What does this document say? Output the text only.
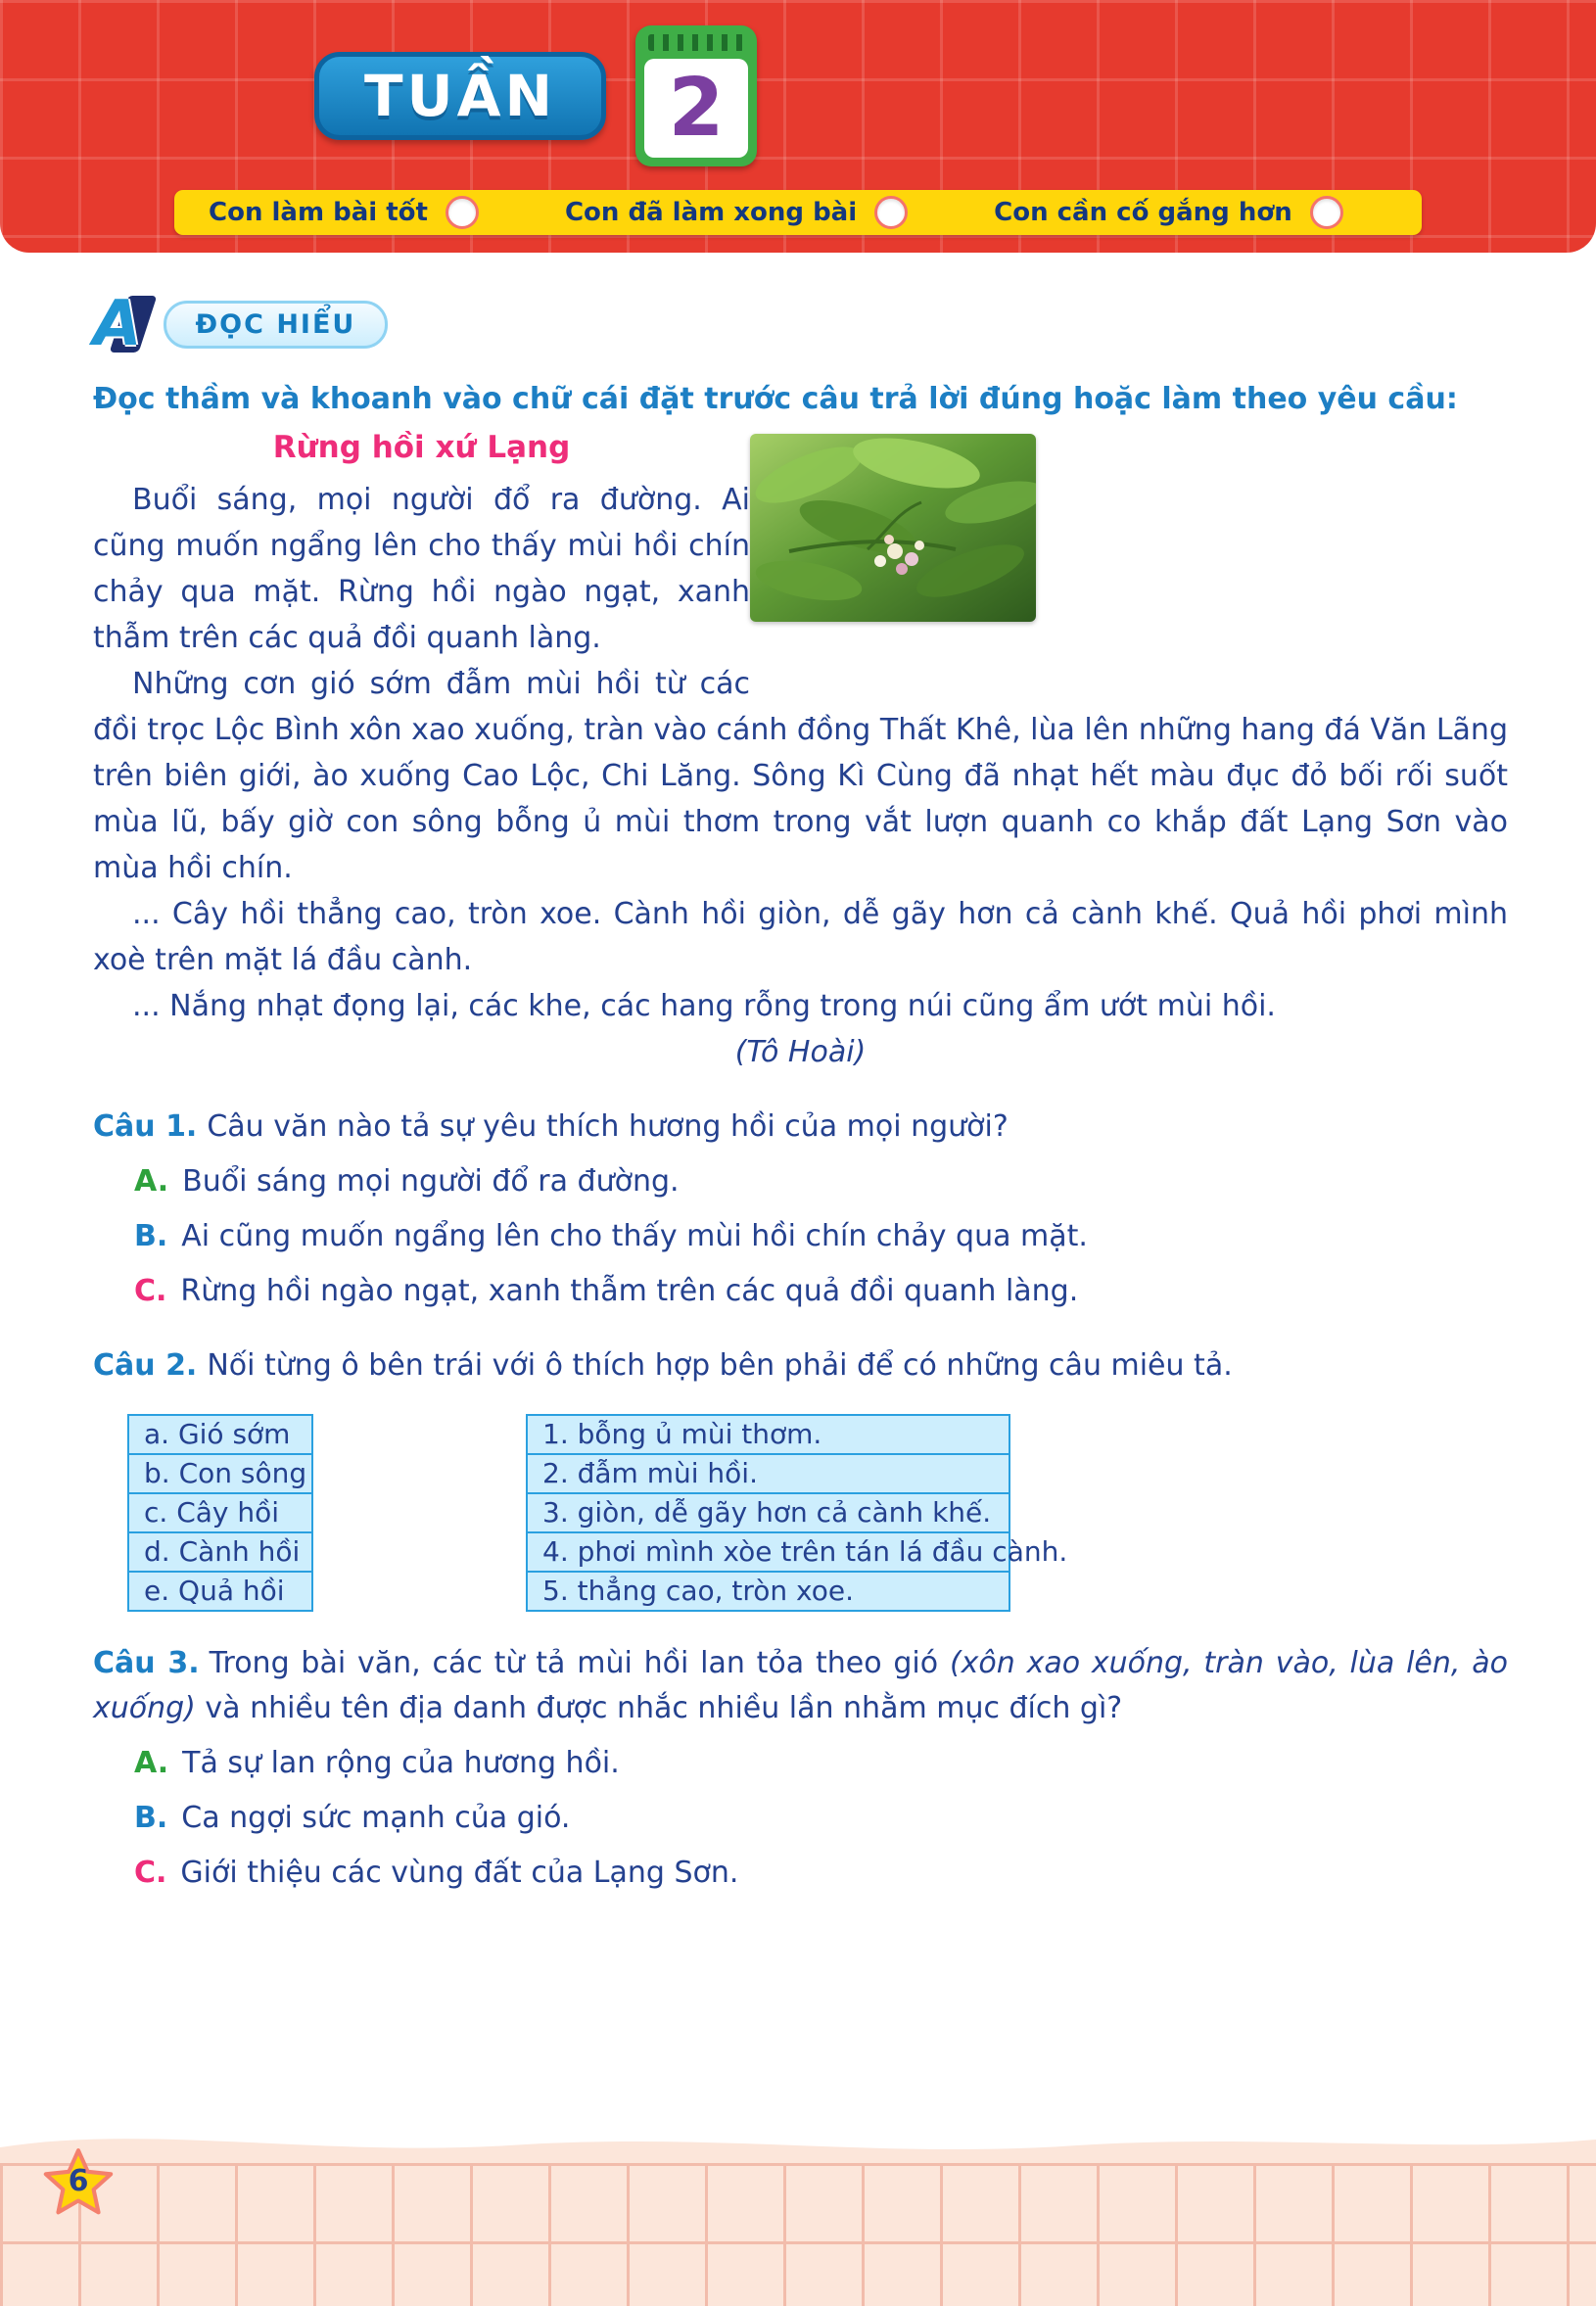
TUẦN	2
Con làm bài tốt	Con đã làm xong bài	Con cần cố gắng hơn
A	ĐỌC HIỂU

Đọc thầm và khoanh vào chữ cái đặt trước câu trả lời đúng hoặc làm theo yêu cầu:

Rừng hồi xứ Lạng

Buổi sáng, mọi người đổ ra đường. Ai cũng muốn ngẩng lên cho thấy mùi hồi chín chảy qua mặt. Rừng hồi ngào ngạt, xanh thẫm trên các quả đồi quanh làng.

Những cơn gió sớm đẫm mùi hồi từ các đồi trọc Lộc Bình xôn xao xuống, tràn vào cánh đồng Thất Khê, lùa lên những hang đá Văn Lãng trên biên giới, ào xuống Cao Lộc, Chi Lăng. Sông Kì Cùng đã nhạt hết màu đục đỏ bối rối suốt mùa lũ, bấy giờ con sông bỗng ủ mùi thơm trong vắt lượn quanh co khắp đất Lạng Sơn vào mùa hồi chín.

... Cây hồi thẳng cao, tròn xoe. Cành hồi giòn, dễ gãy hơn cả cành khế. Quả hồi phơi mình xoè trên mặt lá đầu cành.

... Nắng nhạt đọng lại, các khe, các hang rỗng trong núi cũng ẩm ướt mùi hồi.

(Tô Hoài)

Câu 1. Câu văn nào tả sự yêu thích hương hồi của mọi người?

A. Buổi sáng mọi người đổ ra đường.
B. Ai cũng muốn ngẩng lên cho thấy mùi hồi chín chảy qua mặt.
C. Rừng hồi ngào ngạt, xanh thẫm trên các quả đồi quanh làng.

Câu 2. Nối từng ô bên trái với ô thích hợp bên phải để có những câu miêu tả.

a. Gió sớm
b. Con sông
c. Cây hồi
d. Cành hồi
e. Quả hồi
1. bỗng ủ mùi thơm.
2. đẫm mùi hồi.
3. giòn, dễ gãy hơn cả cành khế.
4. phơi mình xòe trên tán lá đầu cành.
5. thẳng cao, tròn xoe.

Câu 3. Trong bài văn, các từ tả mùi hồi lan tỏa theo gió (xôn xao xuống, tràn vào, lùa lên, ào xuống) và nhiều tên địa danh được nhắc nhiều lần nhằm mục đích gì?

A. Tả sự lan rộng của hương hồi.
B. Ca ngợi sức mạnh của gió.
C. Giới thiệu các vùng đất của Lạng Sơn.
6
